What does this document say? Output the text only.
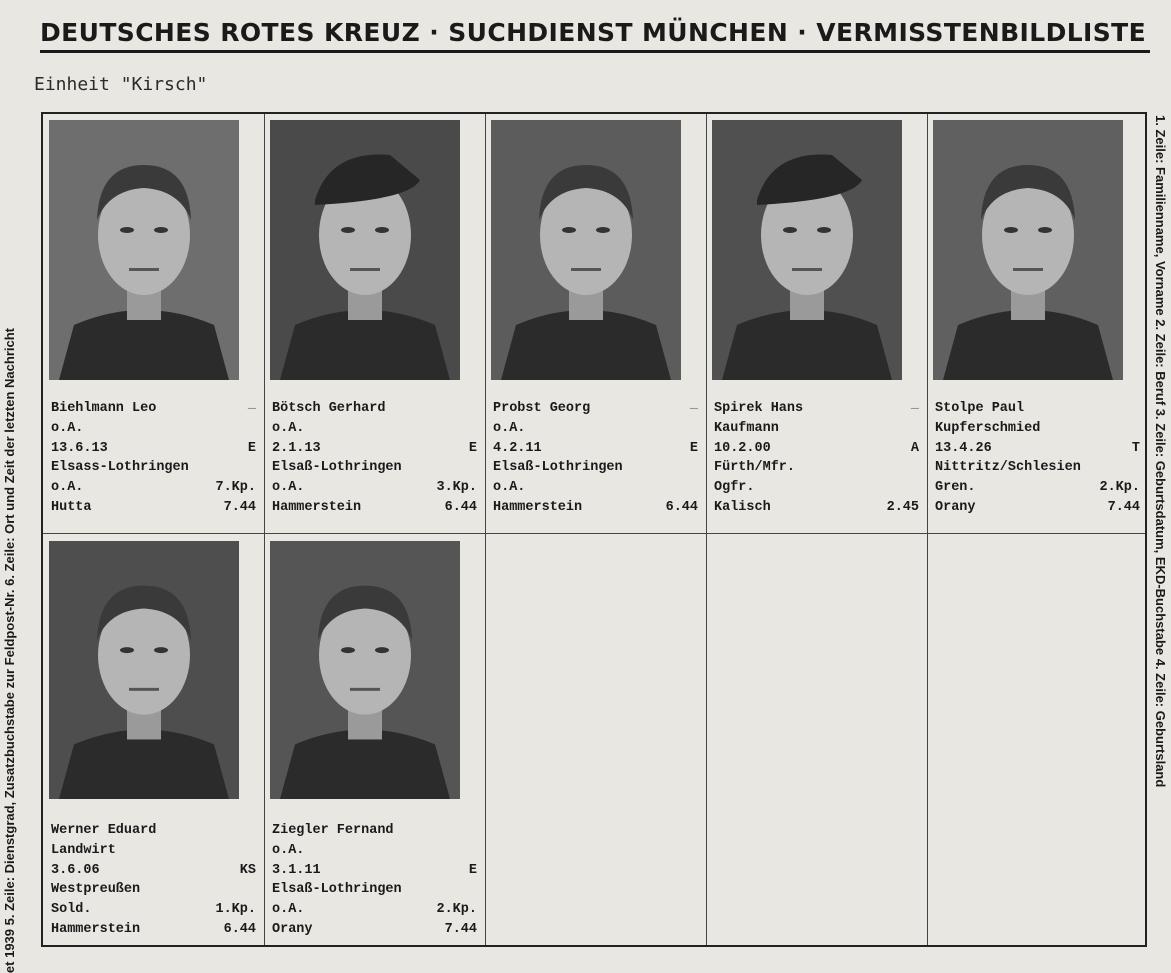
DEUTSCHES ROTES KREUZ · SUCHDIENST MÜNCHEN · VERMISSTENBILDLISTE
Einheit "Kirsch"
et 1939 5. Zeile: Dienstgrad, Zusatzbuchstabe zur Feldpost-Nr. 6. Zeile: Ort und Zeit der letzten Nachricht	1. Zeile: Familienname, Vorname 2. Zeile: Beruf 3. Zeile: Geburtsdatum, EKD-Buchstabe 4. Zeile: Geburtsland
Biehlmann Leo	_
o.A.
13.6.13	E
Elsass-Lothringen
o.A.	7.Kp.
Hutta	7.44
Bötsch Gerhard
o.A.
2.1.13	E
Elsaß-Lothringen
o.A.	3.Kp.
Hammerstein	6.44
Probst Georg	_
o.A.
4.2.11	E
Elsaß-Lothringen
o.A.
Hammerstein	6.44
Spirek Hans	_
Kaufmann
10.2.00	A
Fürth/Mfr.
Ogfr.
Kalisch	2.45
Stolpe Paul
Kupferschmied
13.4.26	T
Nittritz/Schlesien
Gren.	2.Kp.
Orany	7.44
Werner Eduard
Landwirt
3.6.06	KS
Westpreußen
Sold.	1.Kp.
Hammerstein	6.44
Ziegler Fernand
o.A.
3.1.11	E
Elsaß-Lothringen
o.A.	2.Kp.
Orany	7.44
